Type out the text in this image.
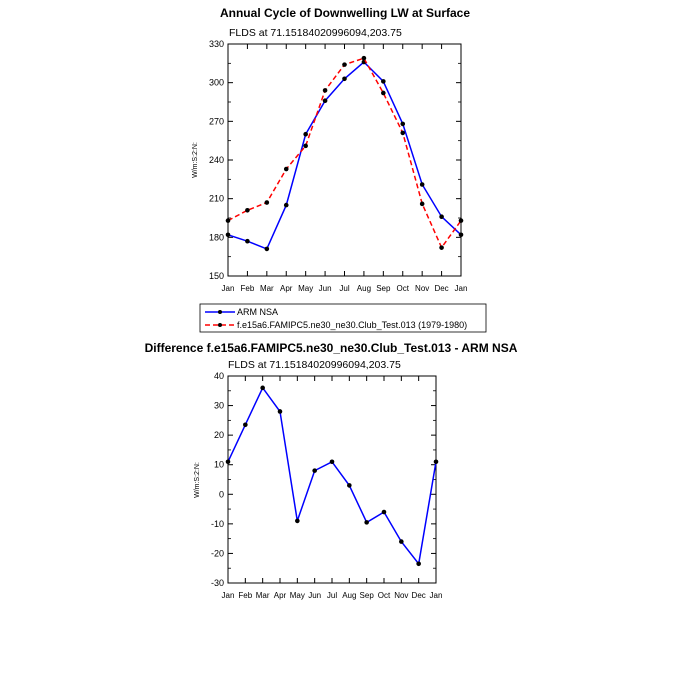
Annual Cycle of Downwelling LW at Surface
FLDS at 71.15184020996094,203.75
W/m:S:2:N:
150
180
210
240
270
300
330
Jan Feb Mar Apr May Jun Jul Aug Sep Oct Nov Dec Jan
ARM NSA
f.e15a6.FAMIPC5.ne30_ne30.Club_Test.013 (1979-1980)
Difference f.e15a6.FAMIPC5.ne30_ne30.Club_Test.013 - ARM NSA
FLDS at 71.15184020996094,203.75
W/m:S:2:N:
-30
-20
-10
0
10
20
30
40
Jan Feb Mar Apr May Jun Jul Aug Sep Oct Nov Dec Jan
